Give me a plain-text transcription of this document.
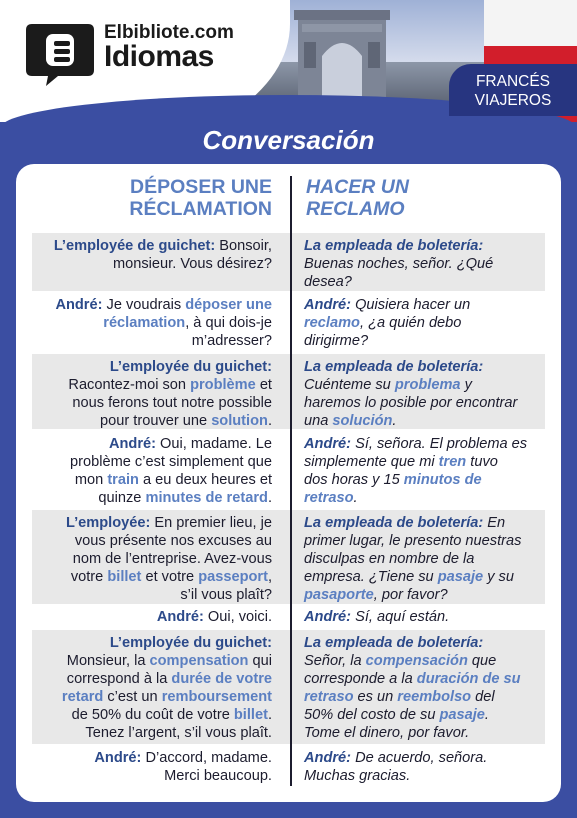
Elbibliote.com
Idiomas
FRANCÉS
VIAJEROS
Conversación
DÉPOSER UNE
RÉCLAMATION
HACER UN
RECLAMO
L’employée de guichet: Bonsoir,
monsieur. Vous désirez?
La empleada de boletería:
Buenas noches, señor. ¿Qué
desea?
André: Je voudrais déposer une
réclamation, à qui dois-je
m’adresser?
André: Quisiera hacer un
reclamo, ¿a quién debo
dirigirme?
L’employée du guichet:
Racontez-moi son problème et
nous ferons tout notre possible
pour trouver une solution.
La empleada de boletería:
Cuénteme su problema y
haremos lo posible por encontrar
una solución.
André: Oui, madame. Le
problème c’est simplement que
mon train a eu deux heures et
quinze minutes de retard.
André: Sí, señora. El problema es
simplemente que mi tren tuvo
dos horas y 15 minutos de
retraso.
L’employée: En premier lieu, je
vous présente nos excuses au
nom de l’entreprise. Avez-vous
votre billet et votre passeport,
s’il vous plaît?
La empleada de boletería: En
primer lugar, le presento nuestras
disculpas en nombre de la
empresa. ¿Tiene su pasaje y su
pasaporte, por favor?
André: Oui, voici. André: Sí, aquí están.
L’employée du guichet:
Monsieur, la compensation qui
correspond à la durée de votre
retard c’est un remboursement
de 50% du coût de votre billet.
Tenez l’argent, s’il vous plaît.
La empleada de boletería:
Señor, la compensación que
corresponde a la duración de su
retraso es un reembolso del
50% del costo de su pasaje.
Tome el dinero, por favor.
André: D’accord, madame.
Merci beaucoup.
André: De acuerdo, señora.
Muchas gracias.
